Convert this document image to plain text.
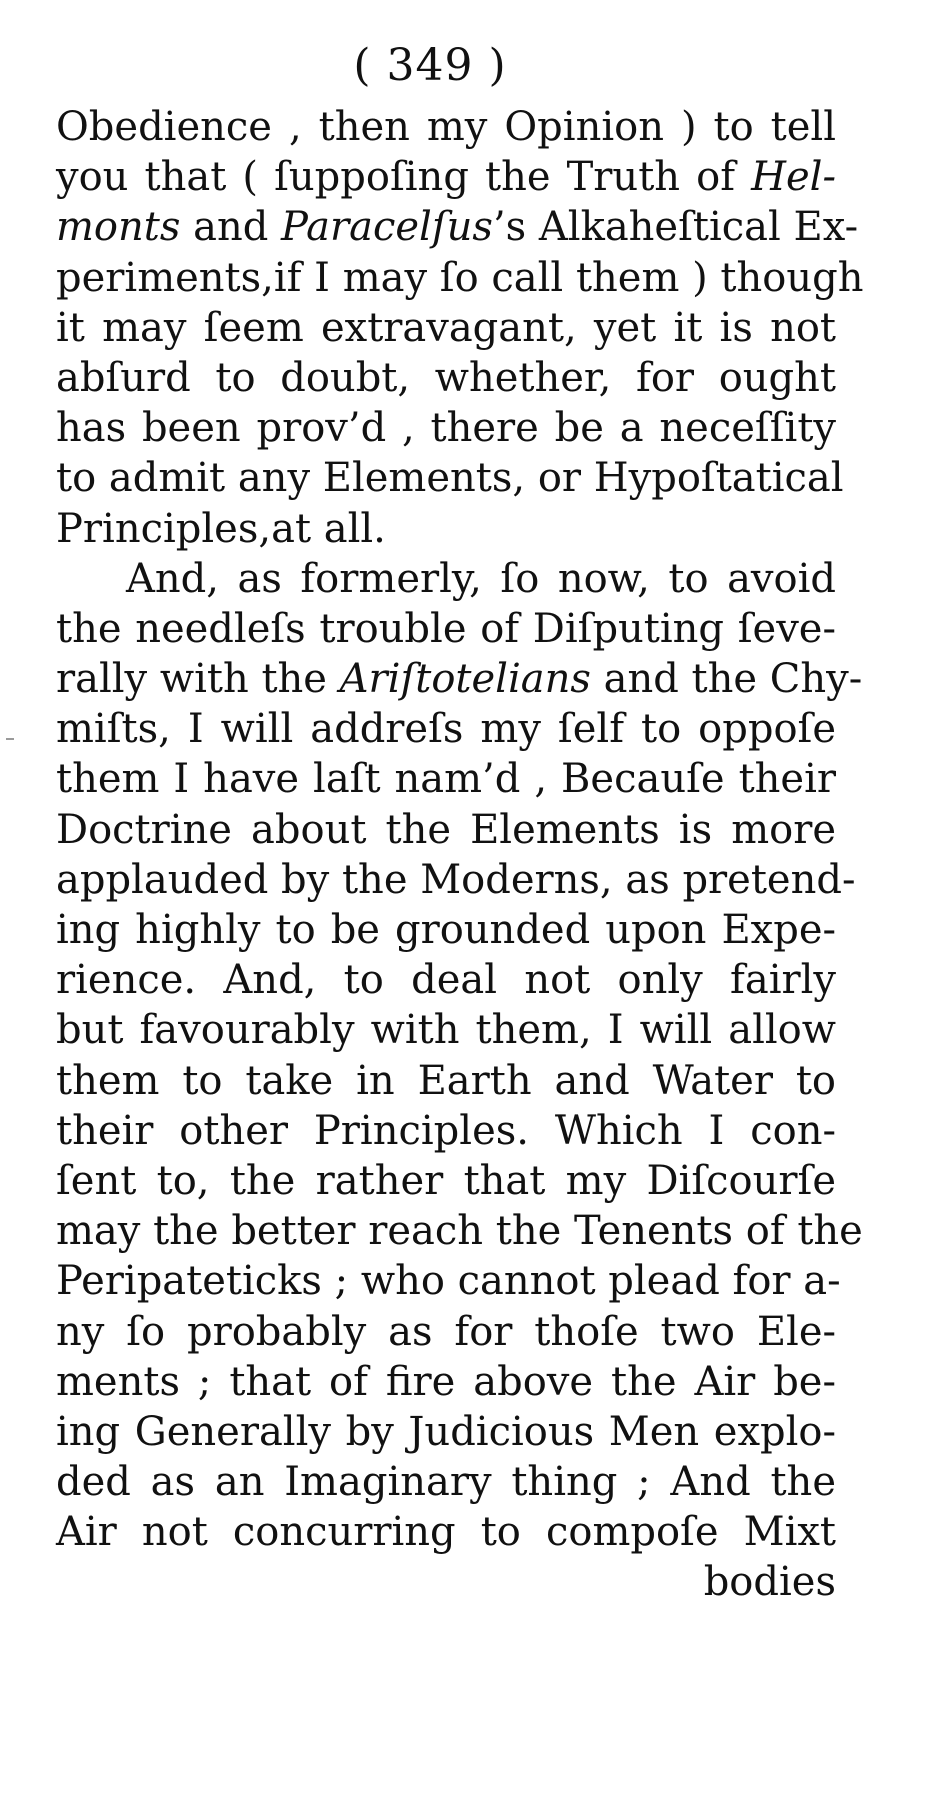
( 349 )
Obedience , then my Opinion ) to tell
you that ( ſuppoſing the Truth of Hel-
monts and Paracelſus’s Alkaheſtical Ex-
periments,if I may ſo call them ) though
it may ſeem extravagant, yet it is not
abſurd to doubt, whether, for ought
has been prov’d , there be a neceſſity
to admit any Elements, or Hypoſtatical
Principles,at all.
And, as formerly, ſo now, to avoid
the needleſs trouble of Diſputing ſeve-
rally with the Ariſtotelians and the Chy-
miſts, I will addreſs my ſelf to oppoſe
them I have laſt nam’d , Becauſe their
Doctrine about the Elements is more
applauded by the Moderns, as pretend-
ing highly to be grounded upon Expe-
rience. And, to deal not only fairly
but favourably with them, I will allow
them to take in Earth and Water to
their other Principles. Which I con-
ſent to, the rather that my Diſcourſe
may the better reach the Tenents of the
Peripateticks ; who cannot plead for a-
ny ſo probably as for thoſe two Ele-
ments ; that of fire above the Air be-
ing Generally by Judicious Men explo-
ded as an Imaginary thing ; And the
Air not concurring to compoſe Mixt
bodies
